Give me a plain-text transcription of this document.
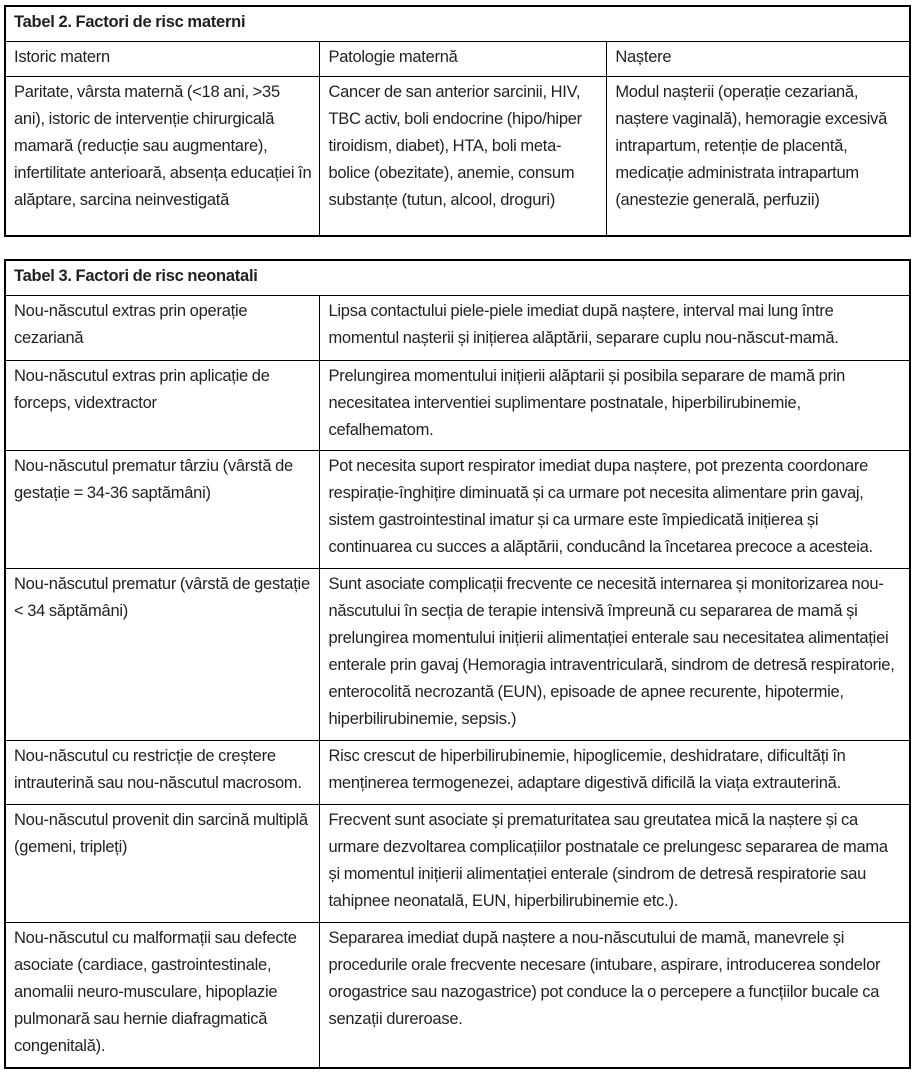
Tabel 2. Factori de risc materni		
Istoric matern	Patologie maternă	Naștere
Paritate, vârsta maternă (<18 ani, >35 ani), istoric de intervenție chirurgicală mamară (reducție sau augmentare), infertilitate anterioară, absența educației în alăptare, sarcina neinvestigată	Cancer de san anterior sarcinii, HIV, TBC activ, boli endocrine (hipo/hiper tiroidism, diabet), HTA, boli meta-bolice (obezitate), anemie, consum substanțe (tutun, alcool, droguri)	Modul nașterii (operație cezariană, naștere vaginală), hemoragie excesivă intrapartum, retenție de placentă, medicație administrata intrapartum (anestezie generală, perfuzii)
Tabel 3. Factori de risc neonatali	
Nou-născutul extras prin operație cezariană	Lipsa contactului piele-piele imediat după naștere, interval mai lung între momentul nașterii și inițierea alăptării, separare cuplu nou-născut-mamă.
Nou-născutul extras prin aplicație de forceps, vidextractor	Prelungirea momentului inițierii alăptarii și posibila separare de mamă prin necesitatea interventiei suplimentare postnatale, hiperbilirubinemie, cefalhematom.
Nou-născutul prematur târziu (vârstă de gestație = 34-36 saptămâni)	Pot necesita suport respirator imediat dupa naștere, pot prezenta coordonare respirație-înghițire diminuată și ca urmare pot necesita alimentare prin gavaj, sistem gastrointestinal imatur și ca urmare este împiedicată inițierea și continuarea cu succes a alăptării, conducând la încetarea precoce a acesteia.
Nou-născutul prematur (vârstă de gestație < 34 săptămâni)	Sunt asociate complicații frecvente ce necesită internarea și monitorizarea nou-născutului în secția de terapie intensivă împreună cu separarea de mamă și prelungirea momentului inițierii alimentației enterale sau necesitatea alimentației enterale prin gavaj (Hemoragia intraventriculară, sindrom de detresă respiratorie, enterocolită necrozantă (EUN), episoade de apnee recurente, hipotermie, hiperbilirubinemie, sepsis.)
Nou-născutul cu restricție de creștere intrauterină sau nou-născutul macrosom.	Risc crescut de hiperbilirubinemie, hipoglicemie, deshidratare, dificultăți în menținerea termogenezei, adaptare digestivă dificilă la viața extrauterină.
Nou-născutul provenit din sarcină multiplă (gemeni, tripleți)	Frecvent sunt asociate și prematuritatea sau greutatea mică la naștere și ca urmare dezvoltarea complicațiilor postnatale ce prelungesc separarea de mama și momentul inițierii alimentației enterale (sindrom de detresă respiratorie sau tahipnee neonatală, EUN, hiperbilirubinemie etc.).
Nou-născutul cu malformații sau defecte asociate (cardiace, gastrointestinale, anomalii neuro-musculare, hipoplazie pulmonară sau hernie diafragmatică congenitală).	Separarea imediat după naștere a nou-născutului de mamă, manevrele și procedurile orale frecvente necesare (intubare, aspirare, introducerea sondelor orogastrice sau nazogastrice) pot conduce la o percepere a funcțiilor bucale ca senzații dureroase.
